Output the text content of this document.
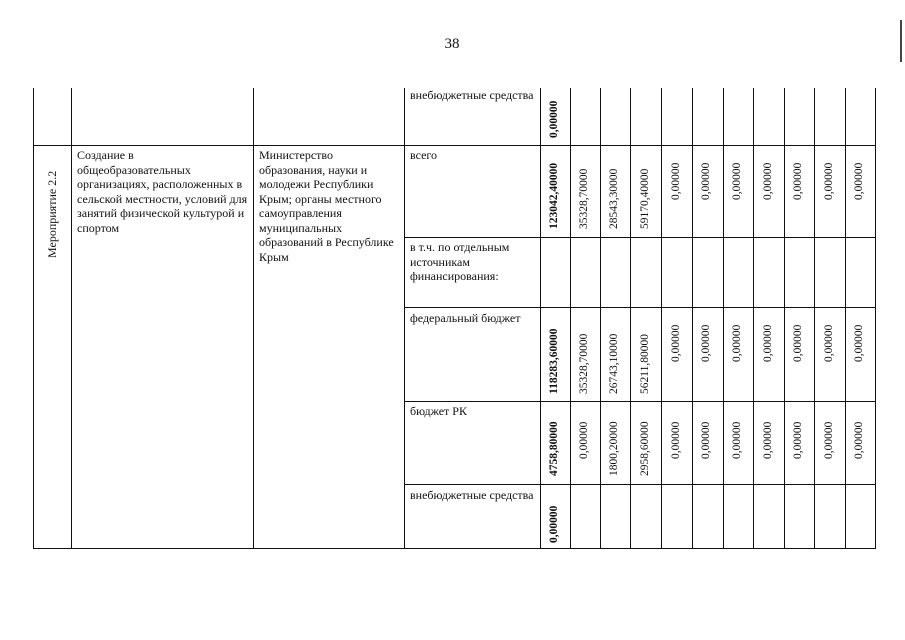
38
Мероприятие 2.2
Создание в общеобразовательных организациях, расположенных в сельской местности, условий для занятий физической культурой и спортом
Министерство образования, науки и молодежи Республики Крым; органы местного самоуправления муниципальных образований в Республике Крым
внебюджетные средства
всего
в т.ч. по отдельным источникам финансирования:
федеральный бюджет
бюджет РК
внебюджетные средства
0,00000
123042,40000 35328,70000 28543,30000 59170,40000 0,00000 0,00000 0,00000 0,00000 0,00000 0,00000 0,00000
118283,60000 35328,70000 26743,10000 56211,80000 0,00000 0,00000 0,00000 0,00000 0,00000 0,00000 0,00000
4758,80000 0,00000 1800,20000 2958,60000 0,00000 0,00000 0,00000 0,00000 0,00000 0,00000 0,00000
0,00000
